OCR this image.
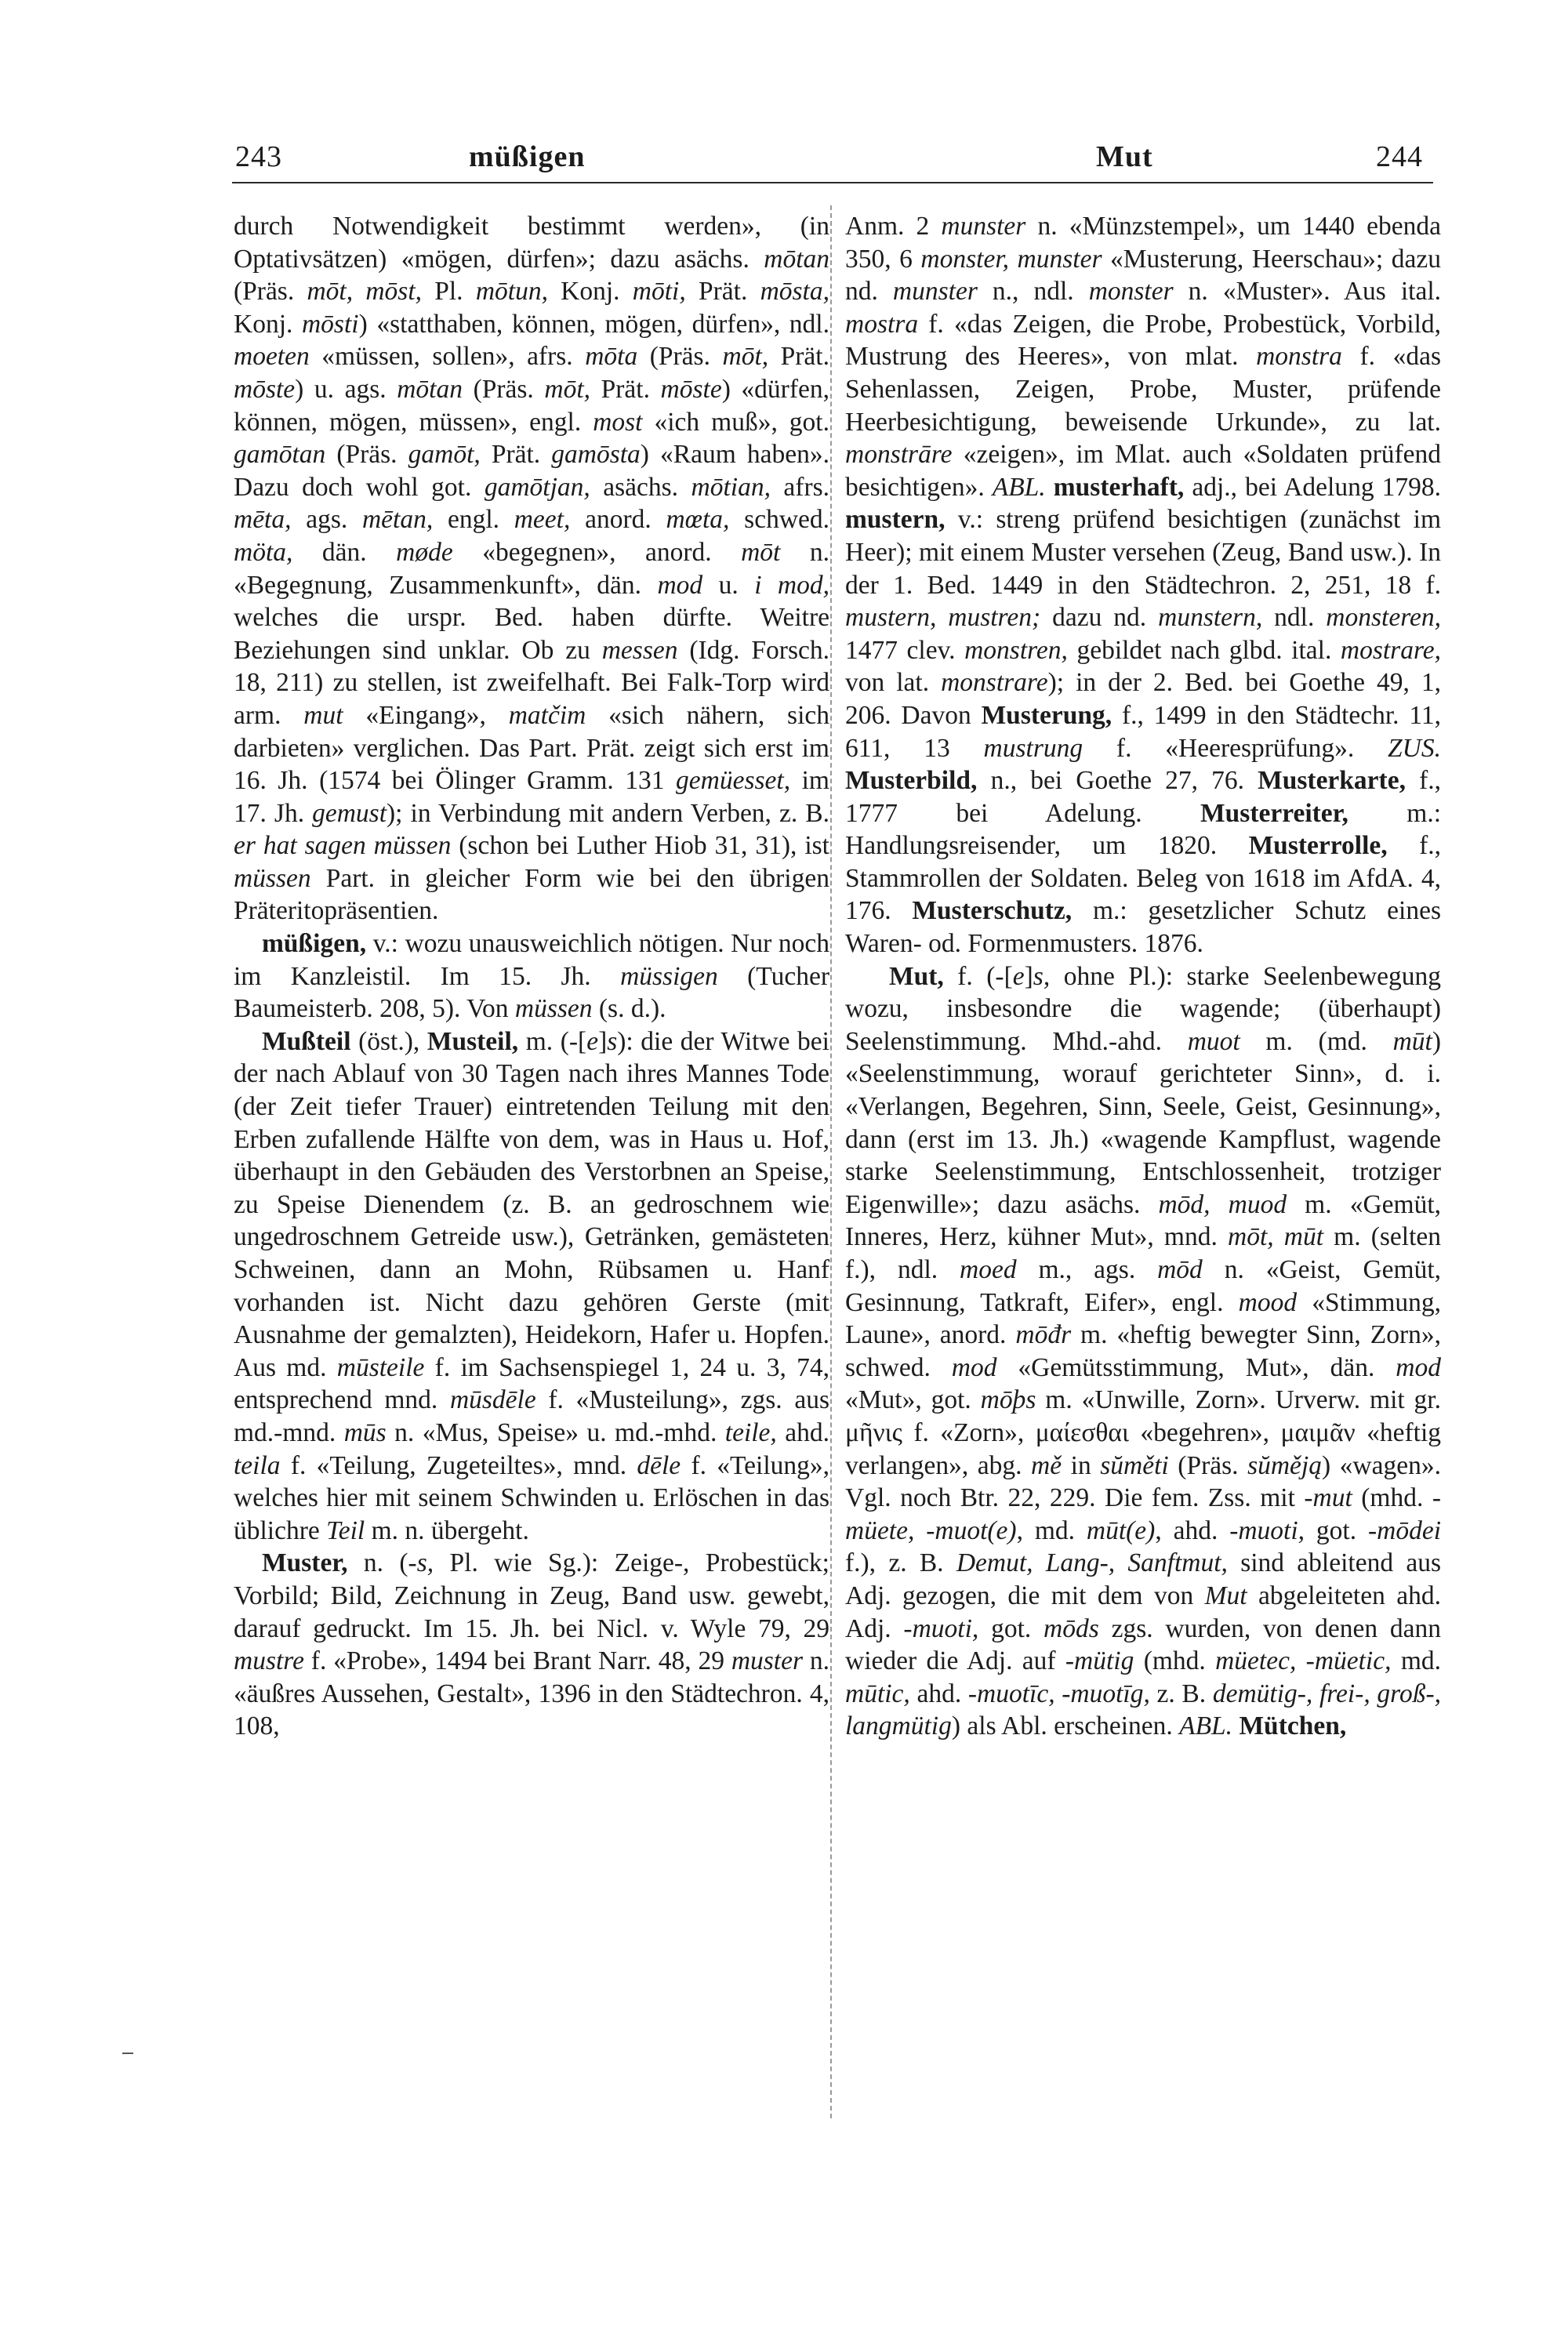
243	müßigen	Mut	244

durch Notwendigkeit bestimmt werden», (in Optativsätzen) «mögen, dürfen»; dazu asächs. mōtan (Präs. mōt, mōst, Pl. mōtun, Konj. mōti, Prät. mōsta, Konj. mōsti) «statthaben, können, mögen, dürfen», ndl. moeten «müssen, sollen», afrs. mōta (Präs. mōt, Prät. mōste) u. ags. mōtan (Präs. mōt, Prät. mōste) «dürfen, können, mögen, müssen», engl. most «ich muß», got. gamōtan (Präs. gamōt, Prät. gamōsta) «Raum haben». Dazu doch wohl got. gamōtjan, asächs. mōtian, afrs. mēta, ags. mētan, engl. meet, anord. mœta, schwed. möta, dän. møde «begegnen», anord. mōt n. «Begegnung, Zusammenkunft», dän. mod u. i mod, welches die urspr. Bed. haben dürfte. Weitre Beziehungen sind unklar. Ob zu messen (Idg. Forsch. 18, 211) zu stellen, ist zweifelhaft. Bei Falk-Torp wird arm. mut «Eingang», matčim «sich nähern, sich darbieten» verglichen. Das Part. Prät. zeigt sich erst im 16. Jh. (1574 bei Ölinger Gramm. 131 gemüesset, im 17. Jh. gemust); in Verbindung mit andern Verben, z. B. er hat sagen müssen (schon bei Luther Hiob 31, 31), ist müssen Part. in gleicher Form wie bei den übrigen Präteritopräsentien.

müßigen, v.: wozu unausweichlich nötigen. Nur noch im Kanzleistil. Im 15. Jh. müssigen (Tucher Baumeisterb. 208, 5). Von müssen (s. d.).

Mußteil (öst.), Musteil, m. (-[e]s): die der Witwe bei der nach Ablauf von 30 Tagen nach ihres Mannes Tode (der Zeit tiefer Trauer) eintretenden Teilung mit den Erben zufallende Hälfte von dem, was in Haus u. Hof, überhaupt in den Gebäuden des Verstorbnen an Speise, zu Speise Dienendem (z. B. an gedroschnem wie ungedroschnem Getreide usw.), Getränken, gemästeten Schweinen, dann an Mohn, Rübsamen u. Hanf vorhanden ist. Nicht dazu gehören Gerste (mit Ausnahme der gemalzten), Heidekorn, Hafer u. Hopfen. Aus md. mūsteile f. im Sachsenspiegel 1, 24 u. 3, 74, entsprechend mnd. mūsdēle f. «Musteilung», zgs. aus md.-mnd. mūs n. «Mus, Speise» u. md.-mhd. teile, ahd. teila f. «Teilung, Zugeteiltes», mnd. dēle f. «Teilung», welches hier mit seinem Schwinden u. Erlöschen in das üblichre Teil m. n. übergeht.

Muster, n. (-s, Pl. wie Sg.): Zeige-, Probestück; Vorbild; Bild, Zeichnung in Zeug, Band usw. gewebt, darauf gedruckt. Im 15. Jh. bei Nicl. v. Wyle 79, 29 mustre f. «Probe», 1494 bei Brant Narr. 48, 29 muster n. «äußres Aussehen, Gestalt», 1396 in den Städtechron. 4, 108,

Anm. 2 munster n. «Münzstempel», um 1440 ebenda 350, 6 monster, munster «Musterung, Heerschau»; dazu nd. munster n., ndl. monster n. «Muster». Aus ital. mostra f. «das Zeigen, die Probe, Probestück, Vorbild, Mustrung des Heeres», von mlat. monstra f. «das Sehenlassen, Zeigen, Probe, Muster, prüfende Heerbesichtigung, beweisende Urkunde», zu lat. monstrāre «zeigen», im Mlat. auch «Soldaten prüfend besichtigen». ABL. musterhaft, adj., bei Adelung 1798. mustern, v.: streng prüfend besichtigen (zunächst im Heer); mit einem Muster versehen (Zeug, Band usw.). In der 1. Bed. 1449 in den Städtechron. 2, 251, 18 f. mustern, mustren; dazu nd. munstern, ndl. monsteren, 1477 clev. monstren, gebildet nach glbd. ital. mostrare, von lat. monstrare); in der 2. Bed. bei Goethe 49, 1, 206. Davon Musterung, f., 1499 in den Städtechr. 11, 611, 13 mustrung f. «Heeresprüfung». ZUS. Musterbild, n., bei Goethe 27, 76. Musterkarte, f., 1777 bei Adelung. Musterreiter, m.: Handlungsreisender, um 1820. Musterrolle, f., Stammrollen der Soldaten. Beleg von 1618 im AfdA. 4, 176. Musterschutz, m.: gesetzlicher Schutz eines Waren- od. Formenmusters. 1876.

Mut, f. (-[e]s, ohne Pl.): starke Seelenbewegung wozu, insbesondre die wagende; (überhaupt) Seelenstimmung. Mhd.-ahd. muot m. (md. mūt) «Seelenstimmung, worauf gerichteter Sinn», d. i. «Verlangen, Begehren, Sinn, Seele, Geist, Gesinnung», dann (erst im 13. Jh.) «wagende Kampflust, wagende starke Seelenstimmung, Entschlossenheit, trotziger Eigenwille»; dazu asächs. mōd, muod m. «Gemüt, Inneres, Herz, kühner Mut», mnd. mōt, mūt m. (selten f.), ndl. moed m., ags. mōd n. «Geist, Gemüt, Gesinnung, Tatkraft, Eifer», engl. mood «Stimmung, Laune», anord. mōđr m. «heftig bewegter Sinn, Zorn», schwed. mod «Gemütsstimmung, Mut», dän. mod «Mut», got. mōþs m. «Unwille, Zorn». Urverw. mit gr. μῆνις f. «Zorn», μαίεσθαι «begehren», μαιμᾶν «heftig verlangen», abg. mě in sŭměti (Präs. sŭměją) «wagen». Vgl. noch Btr. 22, 229. Die fem. Zss. mit -mut (mhd. -müete, -muot(e), md. mūt(e), ahd. -muoti, got. -mōdei f.), z. B. Demut, Lang-, Sanftmut, sind ableitend aus Adj. gezogen, die mit dem von Mut abgeleiteten ahd. Adj. -muoti, got. mōds zgs. wurden, von denen dann wieder die Adj. auf -mütig (mhd. müetec, -müetic, md. mūtic, ahd. -muotīc, -muotīg, z. B. demütig-, frei-, groß-, langmütig) als Abl. erscheinen. ABL. Mütchen,
